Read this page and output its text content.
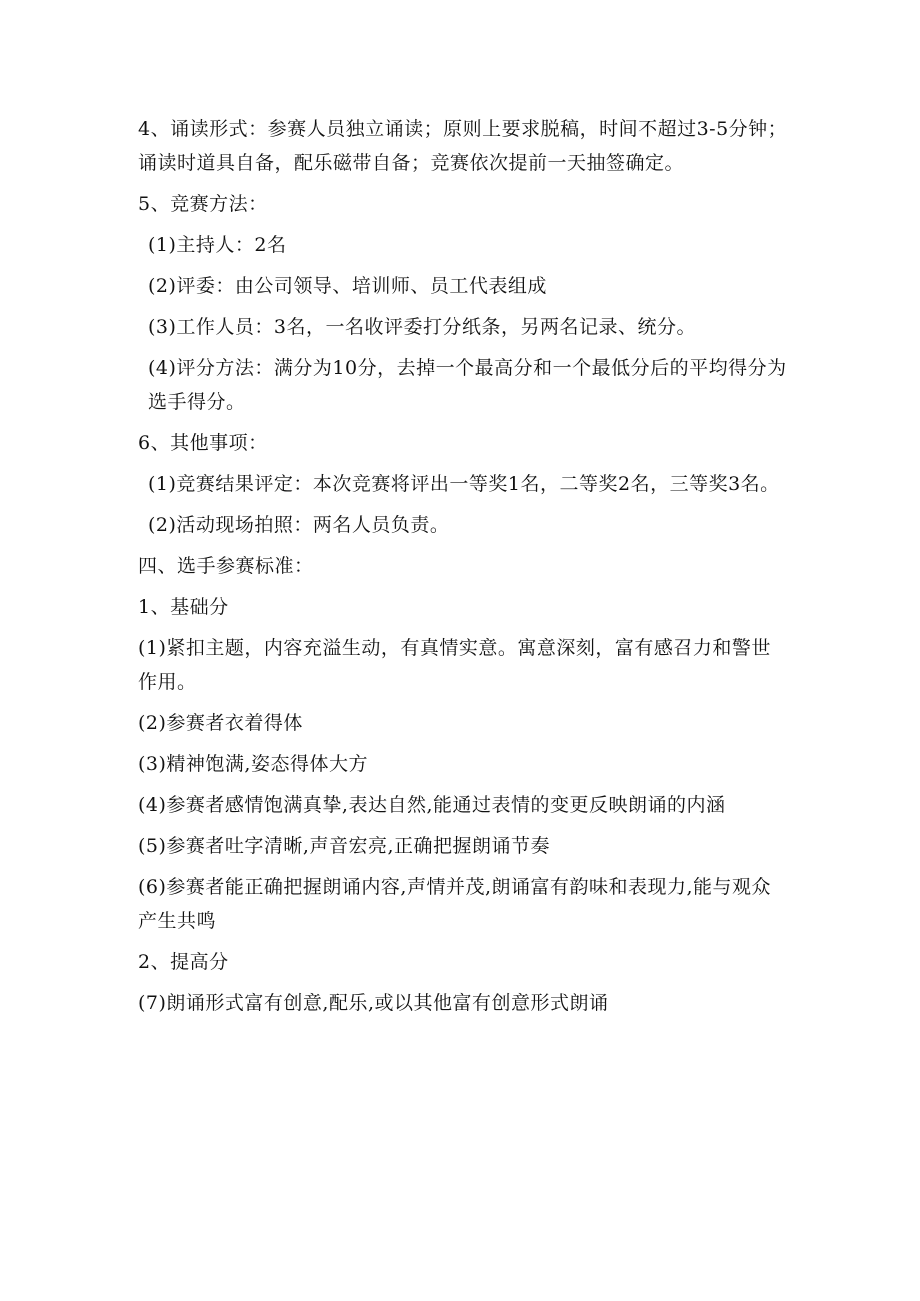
4、诵读形式：参赛人员独立诵读；原则上要求脱稿，时间不超过3-5分钟；诵读时道具自备，配乐磁带自备；竞赛依次提前一天抽签确定。

5、竞赛方法：

(1)主持人：2名

(2)评委：由公司领导、培训师、员工代表组成

(3)工作人员：3名，一名收评委打分纸条，另两名记录、统分。

(4)评分方法：满分为10分，去掉一个最高分和一个最低分后的平均得分为选手得分。

6、其他事项：

(1)竞赛结果评定：本次竞赛将评出一等奖1名，二等奖2名，三等奖3名。

(2)活动现场拍照：两名人员负责。

四、选手参赛标准：

1、基础分

(1)紧扣主题，内容充溢生动，有真情实意。寓意深刻，富有感召力和警世作用。

(2)参赛者衣着得体

(3)精神饱满,姿态得体大方

(4)参赛者感情饱满真挚,表达自然,能通过表情的变更反映朗诵的内涵

(5)参赛者吐字清晰,声音宏亮,正确把握朗诵节奏

(6)参赛者能正确把握朗诵内容,声情并茂,朗诵富有韵味和表现力,能与观众产生共鸣

2、提高分

(7)朗诵形式富有创意,配乐,或以其他富有创意形式朗诵
